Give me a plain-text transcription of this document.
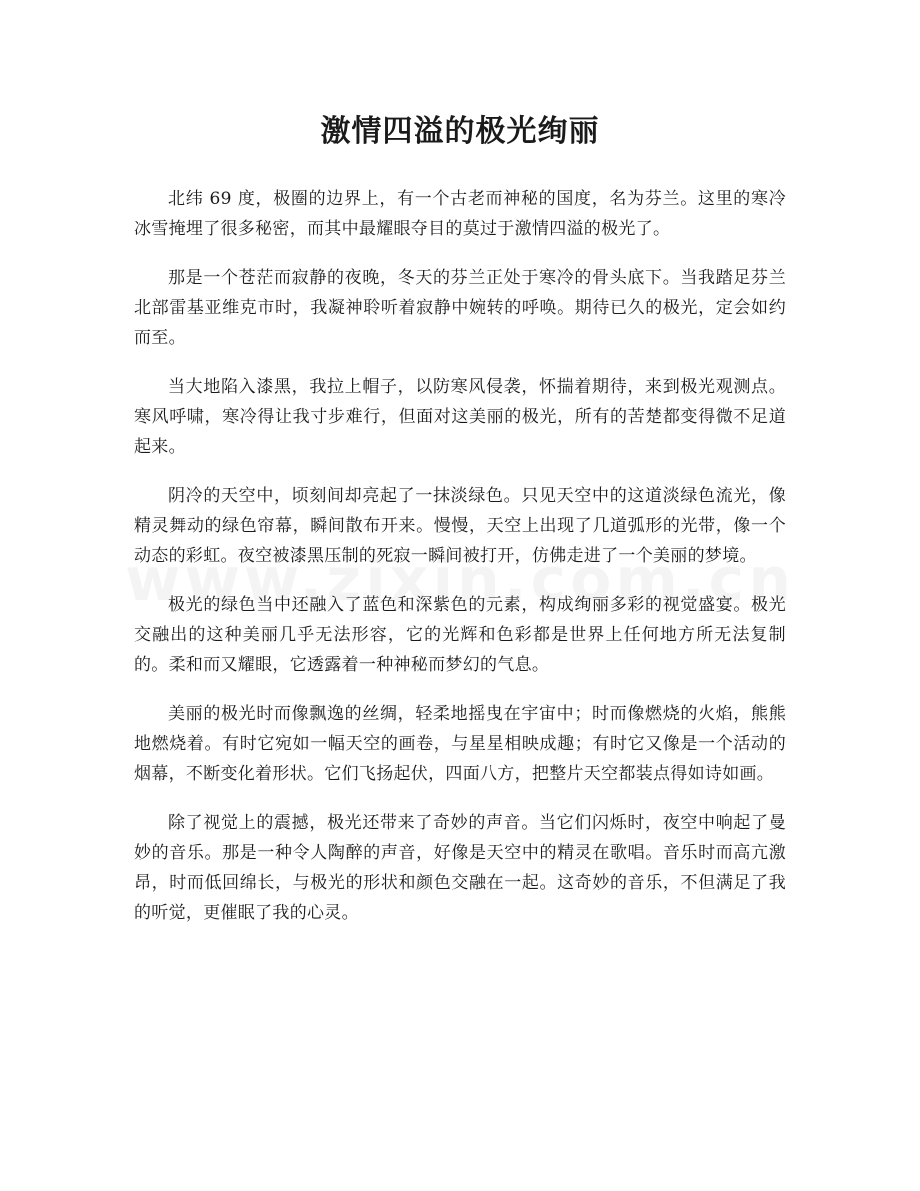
激情四溢的极光绚丽

北纬 69 度，极圈的边界上，有一个古老而神秘的国度，名为芬兰。这里的寒冷冰雪掩埋了很多秘密，而其中最耀眼夺目的莫过于激情四溢的极光了。

那是一个苍茫而寂静的夜晚，冬天的芬兰正处于寒冷的骨头底下。当我踏足芬兰北部雷基亚维克市时，我凝神聆听着寂静中婉转的呼唤。期待已久的极光，定会如约而至。

当大地陷入漆黑，我拉上帽子，以防寒风侵袭，怀揣着期待，来到极光观测点。寒风呼啸，寒冷得让我寸步难行，但面对这美丽的极光，所有的苦楚都变得微不足道起来。

阴冷的天空中，顷刻间却亮起了一抹淡绿色。只见天空中的这道淡绿色流光，像精灵舞动的绿色帘幕，瞬间散布开来。慢慢，天空上出现了几道弧形的光带，像一个动态的彩虹。夜空被漆黑压制的死寂一瞬间被打开，仿佛走进了一个美丽的梦境。

极光的绿色当中还融入了蓝色和深紫色的元素，构成绚丽多彩的视觉盛宴。极光交融出的这种美丽几乎无法形容，它的光辉和色彩都是世界上任何地方所无法复制的。柔和而又耀眼，它透露着一种神秘而梦幻的气息。

美丽的极光时而像飘逸的丝绸，轻柔地摇曳在宇宙中；时而像燃烧的火焰，熊熊地燃烧着。有时它宛如一幅天空的画卷，与星星相映成趣；有时它又像是一个活动的烟幕，不断变化着形状。它们飞扬起伏，四面八方，把整片天空都装点得如诗如画。

除了视觉上的震撼，极光还带来了奇妙的声音。当它们闪烁时，夜空中响起了曼妙的音乐。那是一种令人陶醉的声音，好像是天空中的精灵在歌唱。音乐时而高亢激昂，时而低回绵长，与极光的形状和颜色交融在一起。这奇妙的音乐，不但满足了我的听觉，更催眠了我的心灵。
